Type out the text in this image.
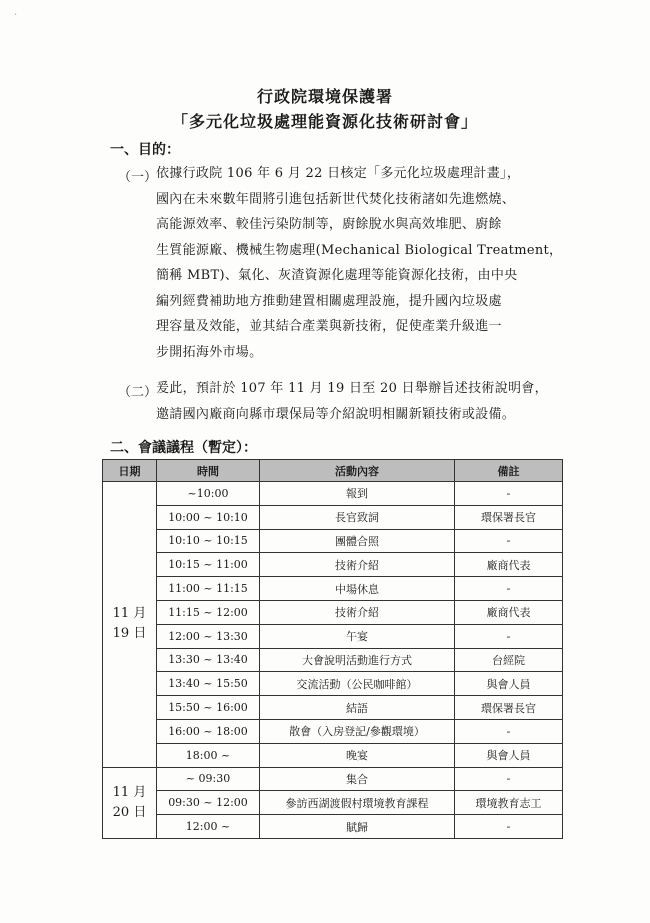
·
行政院環境保護署
「多元化垃圾處理能資源化技術研討會」
一、目的：
（一）
依據行政院 106 年 6 月 22 日核定「多元化垃圾處理計畫」，
國內在未來數年間將引進包括新世代焚化技術諸如先進燃燒、
高能源效率、較佳污染防制等，廚餘脫水與高效堆肥、廚餘
生質能源廠、機械生物處理(Mechanical Biological Treatment，
簡稱 MBT)、氣化、灰渣資源化處理等能資源化技術，由中央
編列經費補助地方推動建置相關處理設施，提升國內垃圾處
理容量及效能，並其結合產業與新技術，促使產業升級進一
步開拓海外市場。
（二）
爰此，預計於 107 年 11 月 19 日至 20 日舉辦旨述技術說明會，
邀請國內廠商向縣市環保局等介紹說明相關新穎技術或設備。
二、會議議程（暫定）：
日期	時間	活動內容	備註

11 月
19 日	~10:00	報到	-
	10:00 ~ 10:10	長官致詞	環保署長官
	10:10 ~ 10:15	團體合照	-
	10:15 ~ 11:00	技術介紹	廠商代表
	11:00 ~ 11:15	中場休息	-
	11:15 ~ 12:00	技術介紹	廠商代表
	12:00 ~ 13:30	午宴	-
	13:30 ~ 13:40	大會說明活動進行方式	台經院
	13:40 ~ 15:50	交流活動（公民咖啡館）	與會人員
	15:50 ~ 16:00	結語	環保署長官
	16:00 ~ 18:00	散會（入房登記/參觀環境）	-
	18:00 ~	晚宴	與會人員

11 月
20 日	~ 09:30	集合	-
	09:30 ~ 12:00	參訪西湖渡假村環境教育課程	環境教育志工
	12:00 ~	賦歸	-
